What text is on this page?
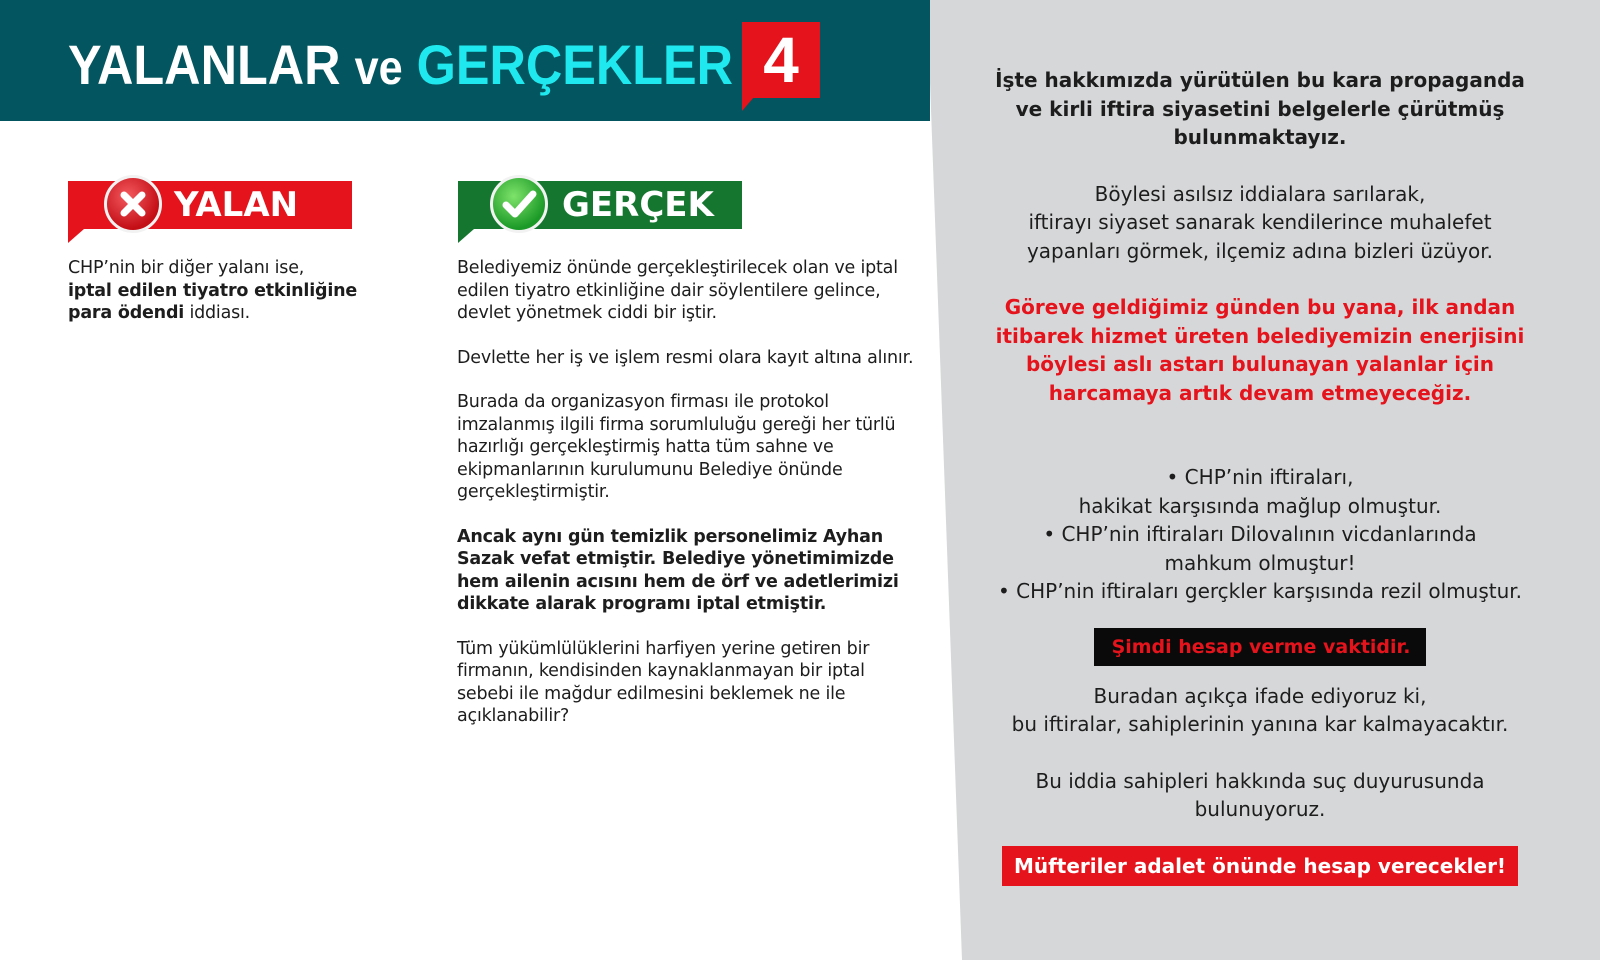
YALANLAR ve GERÇEKLER 4
YALAN
CHP’nin bir diğer yalanı ise,
iptal edilen tiyatro etkinliğine
para ödendi iddiası.
GERÇEK

Belediyemiz önünde gerçekleştirilecek olan ve iptal
edilen tiyatro etkinliğine dair söylentilere gelince,
devlet yönetmek ciddi bir iştir.

Devlette her iş ve işlem resmi olara kayıt altına alınır.

Burada da organizasyon firması ile protokol
imzalanmış ilgili firma sorumluluğu gereği her türlü
hazırlığı gerçekleştirmiş hatta tüm sahne ve
ekipmanlarının kurulumunu Belediye önünde
gerçekleştirmiştir.

Ancak aynı gün temizlik personelimiz Ayhan
Sazak vefat etmiştir. Belediye yönetimimizde
hem ailenin acısını hem de örf ve adetlerimizi
dikkate alarak programı iptal etmiştir.

Tüm yükümlülüklerini harfiyen yerine getiren bir
firmanın, kendisinden kaynaklanmayan bir iptal
sebebi ile mağdur edilmesini beklemek ne ile
açıklanabilir?

İşte hakkımızda yürütülen bu kara propaganda
ve kirli iftira siyasetini belgelerle çürütmüş
bulunmaktayız.

Böylesi asılsız iddialara sarılarak,
iftirayı siyaset sanarak kendilerince muhalefet
yapanları görmek, ilçemiz adına bizleri üzüyor.

Göreve geldiğimiz günden bu yana, ilk andan
itibarek hizmet üreten belediyemizin enerjisini
böylesi aslı astarı bulunayan yalanlar için
harcamaya artık devam etmeyeceğiz.

• CHP’nin iftiraları,
hakikat karşısında mağlup olmuştur.
• CHP’nin iftiraları Dilovalının vicdanlarında
mahkum olmuştur!
• CHP’nin iftiraları gerçkler karşısında rezil olmuştur.

Şimdi hesap verme vaktidir.

Buradan açıkça ifade ediyoruz ki,
bu iftiralar, sahiplerinin yanına kar kalmayacaktır.

Bu iddia sahipleri hakkında suç duyurusunda
bulunuyoruz.

Müfteriler adalet önünde hesap verecekler!
